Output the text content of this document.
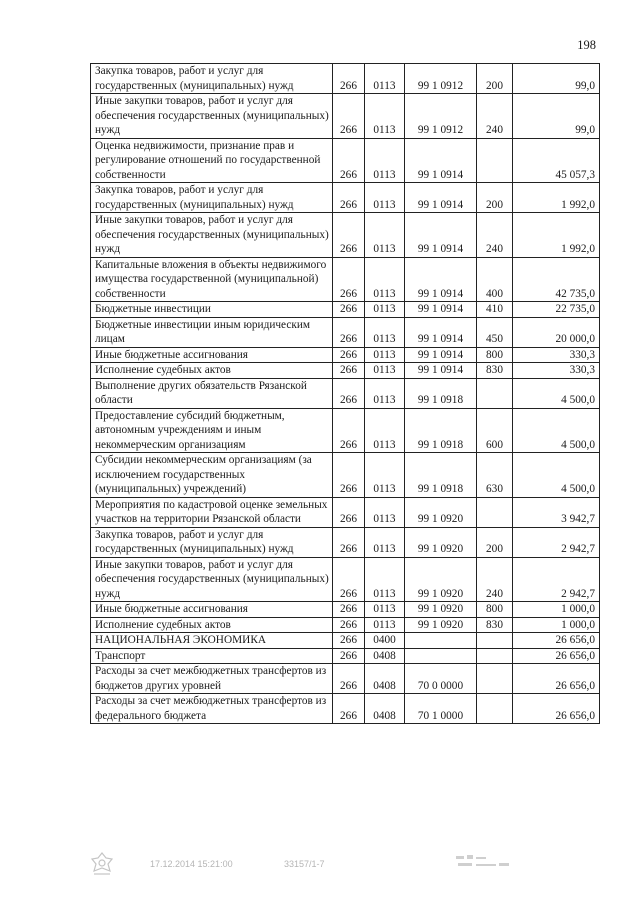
198
Закупка товаров, работ и услуг для государственных (муниципальных) нужд	266	0113	99 1 0912	200	99,0
Иные закупки товаров, работ и услуг для обеспечения государственных (муниципальных) нужд	266	0113	99 1 0912	240	99,0
Оценка недвижимости, признание прав и регулирование отношений по государственной собственности	266	0113	99 1 0914		45 057,3
Закупка товаров, работ и услуг для государственных (муниципальных) нужд	266	0113	99 1 0914	200	1 992,0
Иные закупки товаров, работ и услуг для обеспечения государственных (муниципальных) нужд	266	0113	99 1 0914	240	1 992,0
Капитальные вложения в объекты недвижимого имущества государственной (муниципальной) собственности	266	0113	99 1 0914	400	42 735,0
Бюджетные инвестиции	266	0113	99 1 0914	410	22 735,0
Бюджетные инвестиции иным юридическим лицам	266	0113	99 1 0914	450	20 000,0
Иные бюджетные ассигнования	266	0113	99 1 0914	800	330,3
Исполнение судебных актов	266	0113	99 1 0914	830	330,3
Выполнение других обязательств Рязанской области	266	0113	99 1 0918		4 500,0
Предоставление субсидий бюджетным, автономным учреждениям и иным некоммерческим организациям	266	0113	99 1 0918	600	4 500,0
Субсидии некоммерческим организациям (за исключением государственных (муниципальных) учреждений)	266	0113	99 1 0918	630	4 500,0
Мероприятия по кадастровой оценке земельных участков на территории Рязанской области	266	0113	99 1 0920		3 942,7
Закупка товаров, работ и услуг для государственных (муниципальных) нужд	266	0113	99 1 0920	200	2 942,7
Иные закупки товаров, работ и услуг для обеспечения государственных (муниципальных) нужд	266	0113	99 1 0920	240	2 942,7
Иные бюджетные ассигнования	266	0113	99 1 0920	800	1 000,0
Исполнение судебных актов	266	0113	99 1 0920	830	1 000,0
НАЦИОНАЛЬНАЯ ЭКОНОМИКА	266	0400			26 656,0
Транспорт	266	0408			26 656,0
Расходы за счет межбюджетных трансфертов из бюджетов других уровней	266	0408	70 0 0000		26 656,0
Расходы за счет межбюджетных трансфертов из федерального бюджета	266	0408	70 1 0000		26 656,0
17.12.2014 15:21:00	33157/1-7
